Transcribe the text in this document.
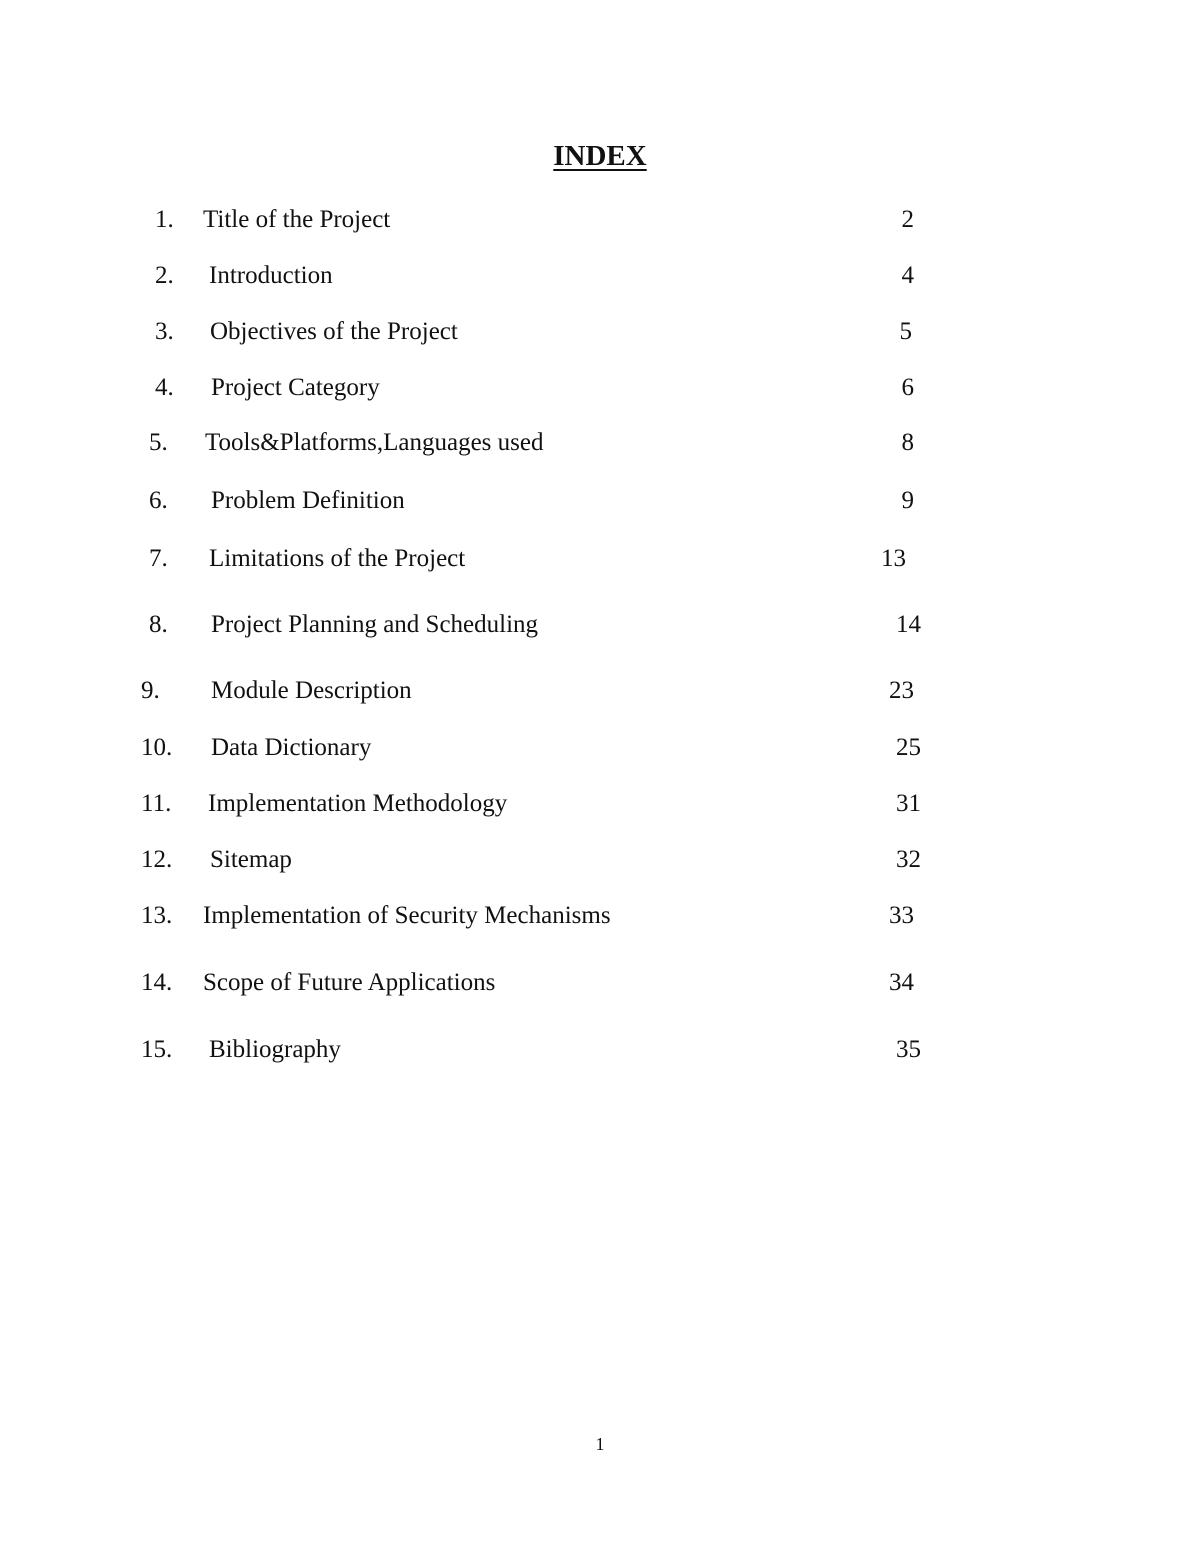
INDEX
1. Title of the Project	2
2. Introduction	4
3. Objectives of the Project	5
4. Project Category	6
5. Tools&Platforms,Languages used	8
6. Problem Definition	9
7. Limitations of the Project	13
8. Project Planning and Scheduling	14
9. Module Description	23
10. Data Dictionary	25
11. Implementation Methodology	31
12. Sitemap	32
13. Implementation of Security Mechanisms	33
14. Scope of Future Applications	34
15. Bibliography	35
1
